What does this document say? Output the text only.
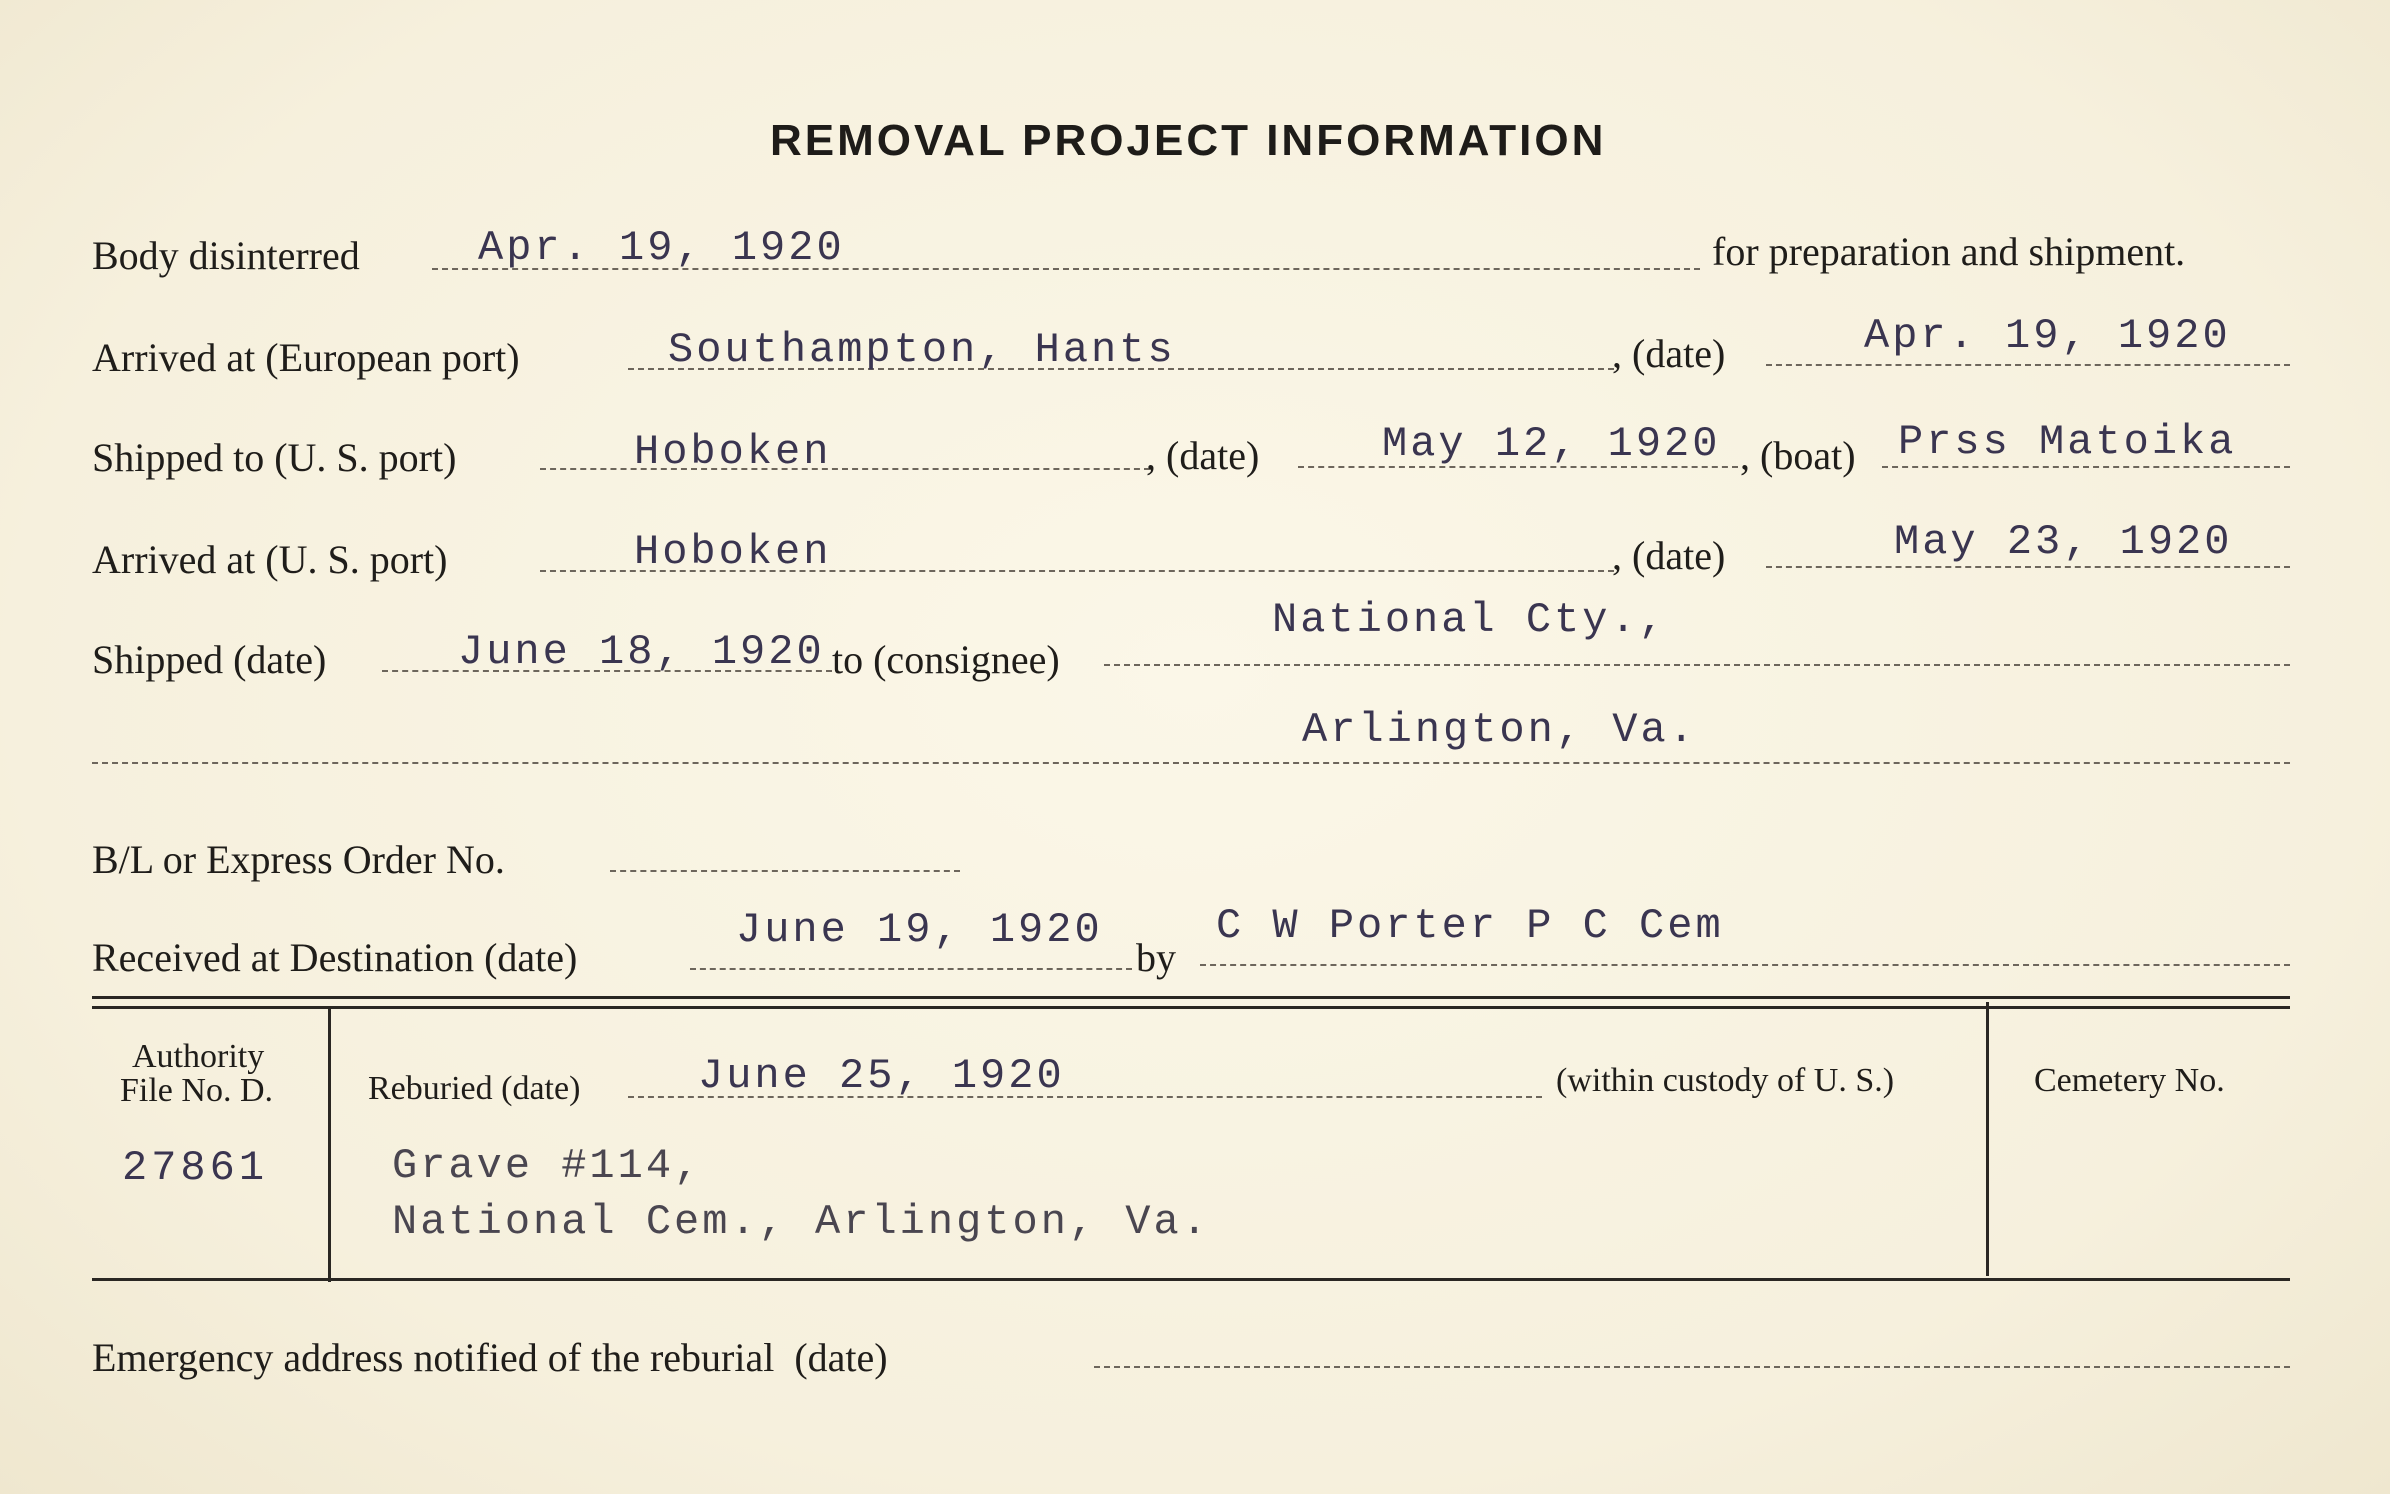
REMOVAL PROJECT INFORMATION
Body disinterred	Apr. 19, 1920	for preparation and shipment.
Arrived at (European port)	Southampton, Hants	, (date)	Apr. 19, 1920
Shipped to (U. S. port)	Hoboken	, (date)	May 12, 1920 , (boat) Prss Matoika
Arrived at (U. S. port)	Hoboken	, (date)	May 23, 1920
Shipped (date)	June 18, 1920 to (consignee)
National Cty.,
Arlington, Va.
B/L or Express Order No.
Received at Destination (date)
June 19, 1920
by
C W Porter P C Cem
Authority
File No. D.
27861
Reburied (date)	June 25, 1920	(within custody of U. S.)
Grave #114,
National Cem., Arlington, Va.
Cemetery No.
Emergency address notified of the reburial  (date)
